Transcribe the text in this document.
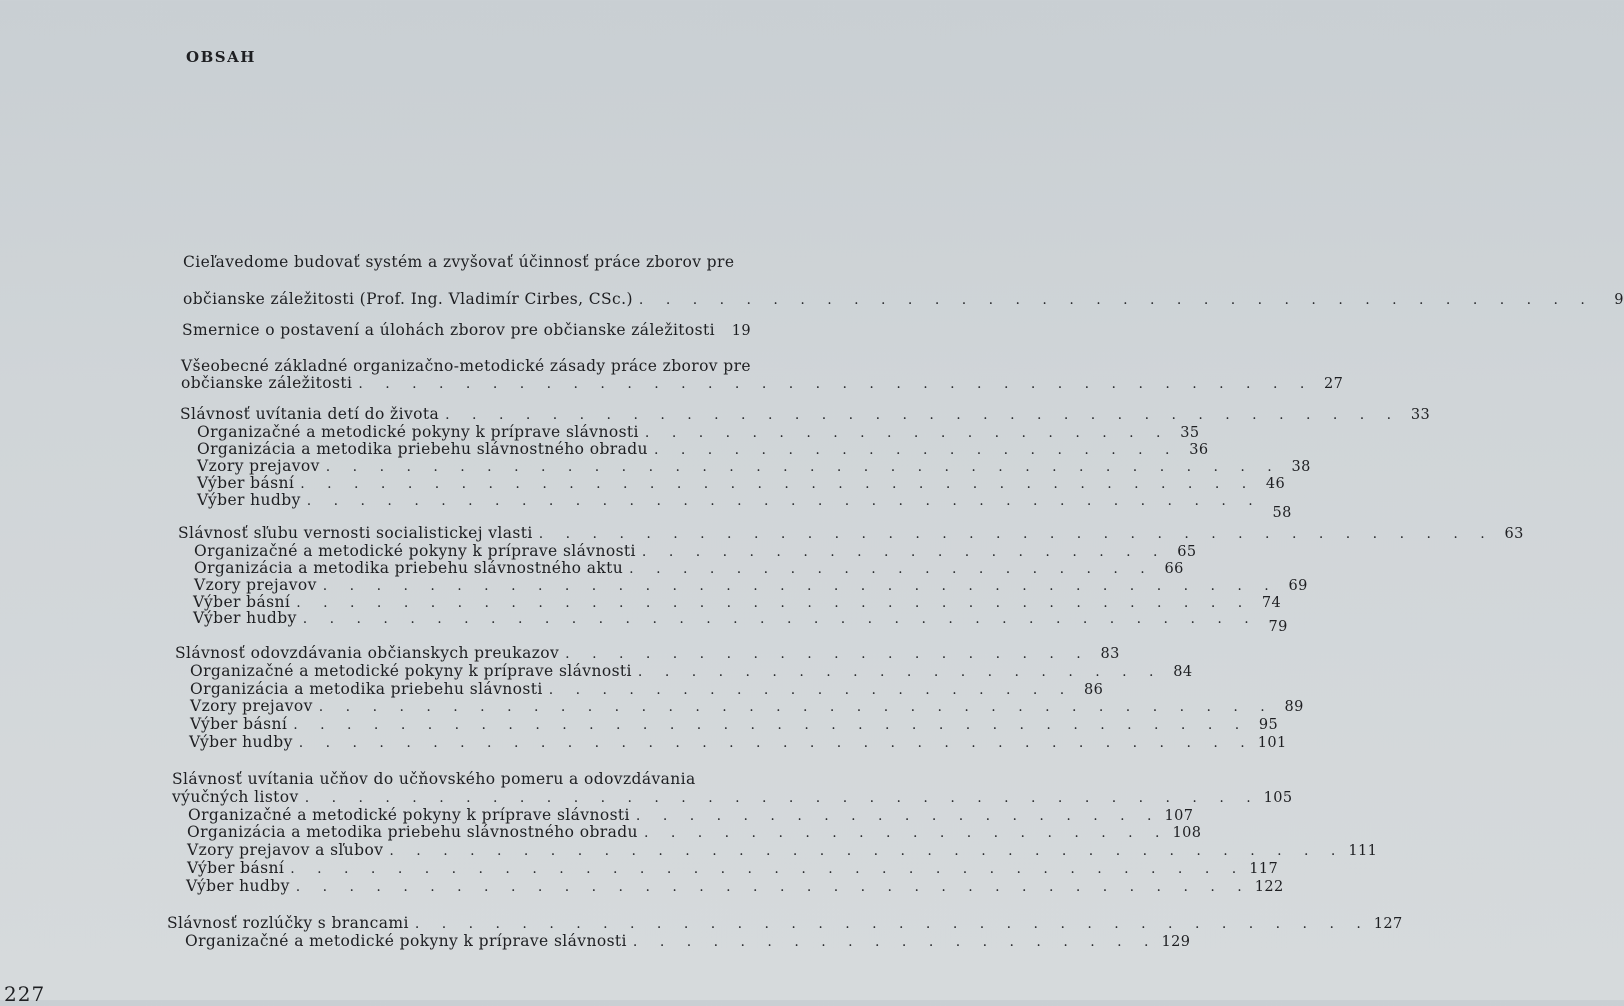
OBSAH
Cieľavedome budovať systém a zvyšovať účinnosť práce zborov pre
občianske záležitosti (Prof. Ing. Vladimír Cirbes, CSc.) . . . . . . . . . . . . . . . . . . . . . . . . . . . . . . . . . . . .	9
Smernice o postavení a úlohách zborov pre občianske záležitosti	19
Všeobecné základné organizačno-metodické zásady práce zborov pre
občianske záležitosti . . . . . . . . . . . . . . . . . . . . . . . . . . . . . . . . . . . . 27
Slávnosť uvítania detí do života . . . . . . . . . . . . . . . . . . . . . . . . . . . . . . . . . . . . 33
Organizačné a metodické pokyny k príprave slávnosti . . . . . . . . . . . . . . . . . . . . 35
Organizácia a metodika priebehu slávnostného obradu . . . . . . . . . . . . . . . . . . . . 36
Vzory prejavov . . . . . . . . . . . . . . . . . . . . . . . . . . . . . . . . . . . . 38
Výber básní . . . . . . . . . . . . . . . . . . . . . . . . . . . . . . . . . . . . 46
Výber hudby . . . . . . . . . . . . . . . . . . . . . . . . . . . . . . . . . . . .
58
Slávnosť sľubu vernosti socialistickej vlasti . . . . . . . . . . . . . . . . . . . . . . . . . . . . . . . . . . . . 63
Organizačné a metodické pokyny k príprave slávnosti . . . . . . . . . . . . . . . . . . . . 65
Organizácia a metodika priebehu slávnostného aktu . . . . . . . . . . . . . . . . . . . . 66
Vzory prejavov . . . . . . . . . . . . . . . . . . . . . . . . . . . . . . . . . . . . 69
Výber básní . . . . . . . . . . . . . . . . . . . . . . . . . . . . . . . . . . . . 74
Výber hudby . . . . . . . . . . . . . . . . . . . . . . . . . . . . . . . . . . . . 79
Slávnosť odovzdávania občianskych preukazov . . . . . . . . . . . . . . . . . . . . 83
Organizačné a metodické pokyny k príprave slávnosti . . . . . . . . . . . . . . . . . . . . 84
Organizácia a metodika priebehu slávnosti . . . . . . . . . . . . . . . . . . . . 86
Vzory prejavov . . . . . . . . . . . . . . . . . . . . . . . . . . . . . . . . . . . . 89
Výber básní . . . . . . . . . . . . . . . . . . . . . . . . . . . . . . . . . . . . 95
Výber hudby . . . . . . . . . . . . . . . . . . . . . . . . . . . . . . . . . . . . 101
Slávnosť uvítania učňov do učňovského pomeru a odovzdávania
výučných listov . . . . . . . . . . . . . . . . . . . . . . . . . . . . . . . . . . . . 105
Organizačné a metodické pokyny k príprave slávnosti . . . . . . . . . . . . . . . . . . . . 107
Organizácia a metodika priebehu slávnostného obradu . . . . . . . . . . . . . . . . . . . . 108
Vzory prejavov a sľubov . . . . . . . . . . . . . . . . . . . . . . . . . . . . . . . . . . . . 111
Výber básní . . . . . . . . . . . . . . . . . . . . . . . . . . . . . . . . . . . . 117
Výber hudby . . . . . . . . . . . . . . . . . . . . . . . . . . . . . . . . . . . . 122
Slávnosť rozlúčky s brancami . . . . . . . . . . . . . . . . . . . . . . . . . . . . . . . . . . . . 127
Organizačné a metodické pokyny k príprave slávnosti . . . . . . . . . . . . . . . . . . . . 129
227
